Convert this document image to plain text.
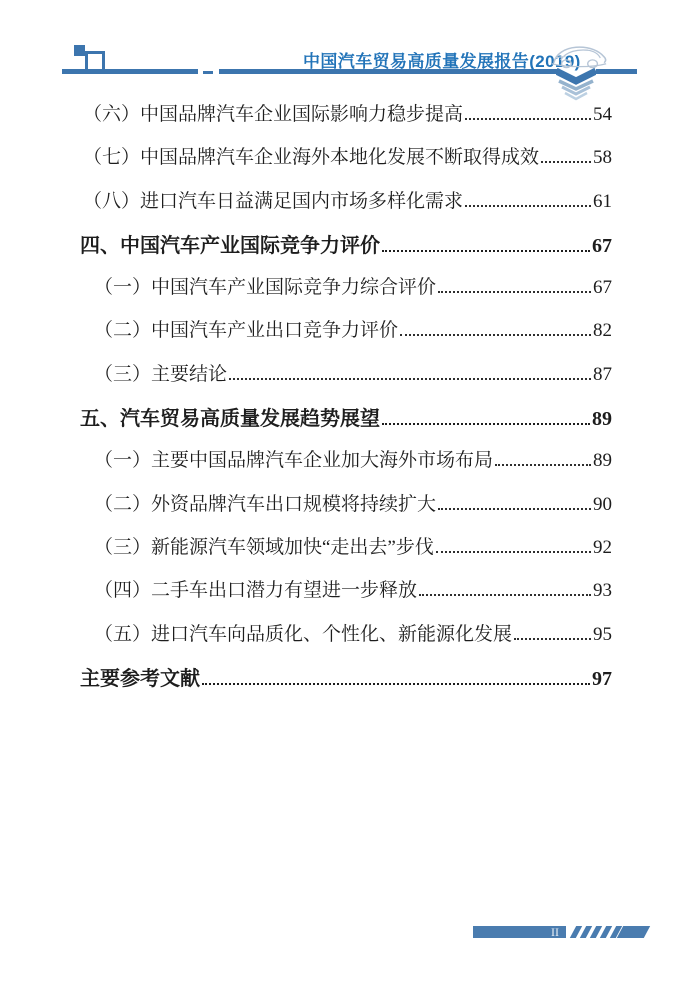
中国汽车贸易高质量发展报告(2019)
（六）中国品牌汽车企业国际影响力稳步提高	54
（七）中国品牌汽车企业海外本地化发展不断取得成效	58
（八）进口汽车日益满足国内市场多样化需求	61
四、中国汽车产业国际竞争力评价	67
（一）中国汽车产业国际竞争力综合评价	67
（二）中国汽车产业出口竞争力评价	82
（三）主要结论	87
五、汽车贸易高质量发展趋势展望	89
（一）主要中国品牌汽车企业加大海外市场布局	89
（二）外资品牌汽车出口规模将持续扩大	90
（三）新能源汽车领域加快“走出去”步伐	92
（四）二手车出口潜力有望进一步释放	93
（五）进口汽车向品质化、个性化、新能源化发展	95
主要参考文献	97
II
